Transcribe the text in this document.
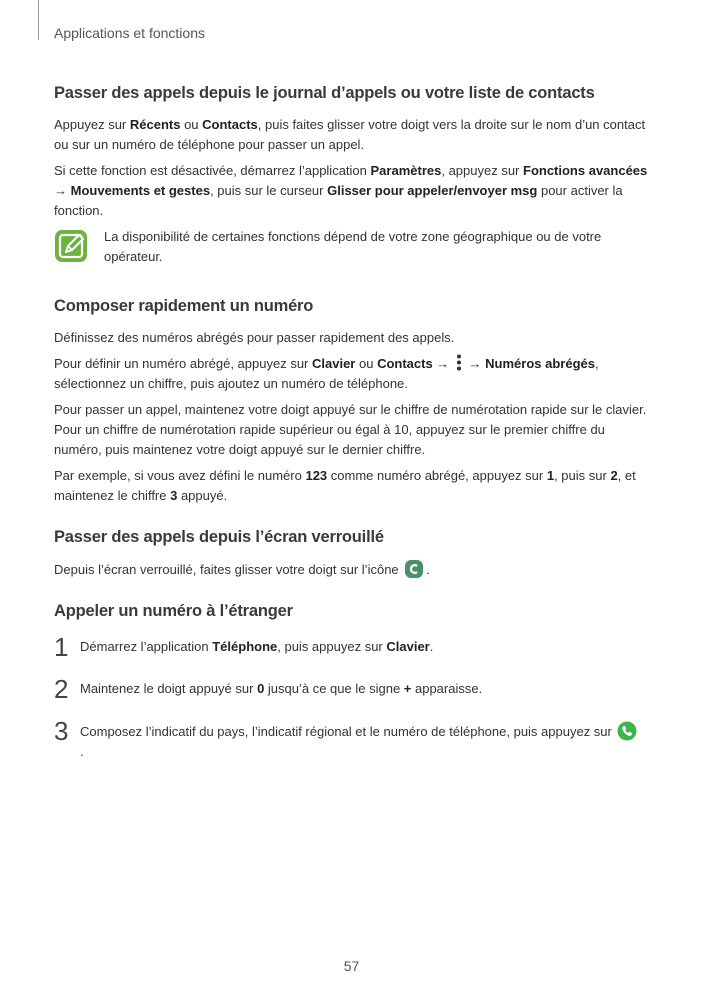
Applications et fonctions
Passer des appels depuis le journal d’appels ou votre liste de contacts

Appuyez sur Récents ou Contacts, puis faites glisser votre doigt vers la droite sur le nom d’un contact ou sur un numéro de téléphone pour passer un appel.

Si cette fonction est désactivée, démarrez l’application Paramètres, appuyez sur Fonctions avancées → Mouvements et gestes, puis sur le curseur Glisser pour appeler/envoyer msg pour activer la fonction.

La disponibilité de certaines fonctions dépend de votre zone géographique ou de votre opérateur.

Composer rapidement un numéro

Définissez des numéros abrégés pour passer rapidement des appels.

Pour définir un numéro abrégé, appuyez sur Clavier ou Contacts →  → Numéros abrégés, sélectionnez un chiffre, puis ajoutez un numéro de téléphone.

Pour passer un appel, maintenez votre doigt appuyé sur le chiffre de numérotation rapide sur le clavier. Pour un chiffre de numérotation rapide supérieur ou égal à 10, appuyez sur le premier chiffre du numéro, puis maintenez votre doigt appuyé sur le dernier chiffre.

Par exemple, si vous avez défini le numéro 123 comme numéro abrégé, appuyez sur 1, puis sur 2, et maintenez le chiffre 3 appuyé.

Passer des appels depuis l’écran verrouillé

Depuis l’écran verrouillé, faites glisser votre doigt sur l’icône .

Appeler un numéro à l’étranger
1 Démarrez l’application Téléphone, puis appuyez sur Clavier.
2 Maintenez le doigt appuyé sur 0 jusqu’à ce que le signe + apparaisse.
3 Composez l’indicatif du pays, l’indicatif régional et le numéro de téléphone, puis appuyez sur
.
57
